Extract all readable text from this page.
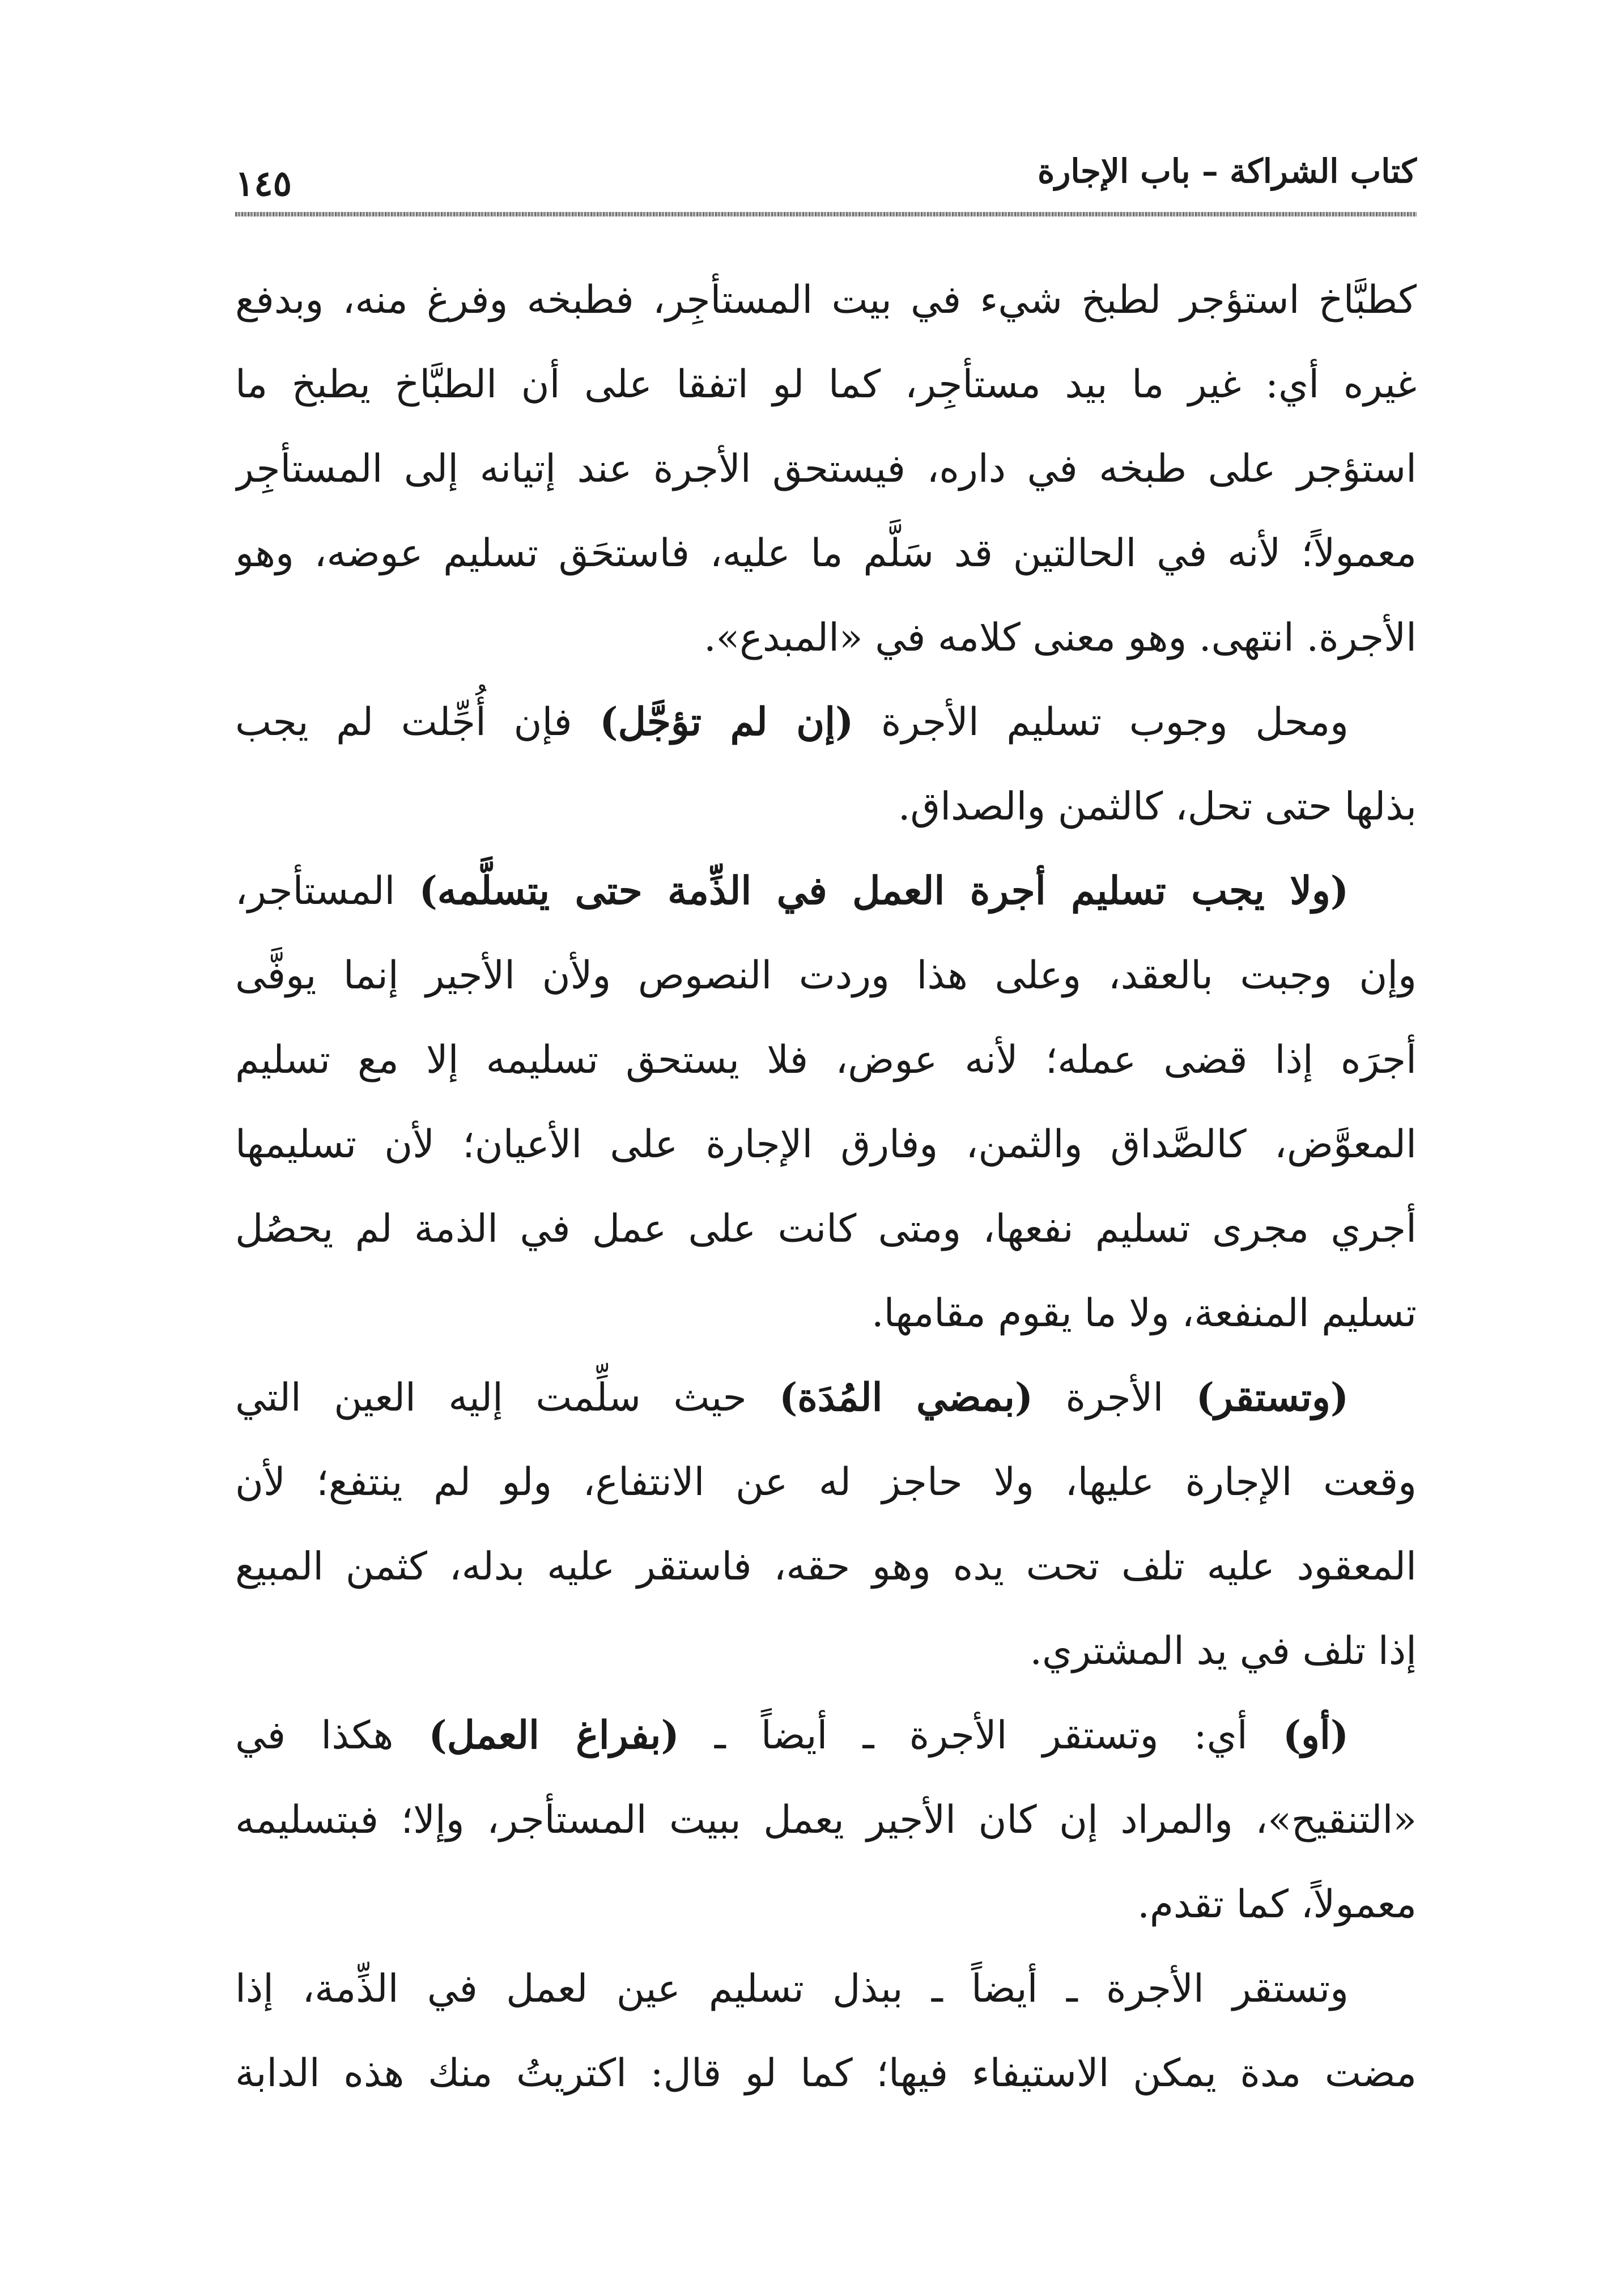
كتاب الشراكة – باب الإجارة
١٤٥
كطبَّاخ استؤجر لطبخ شيء في بيت المستأجِر، فطبخه وفرغ منه، وبدفع
غيره أي: غير ما بيد مستأجِر، كما لو اتفقا على أن الطبَّاخ يطبخ ما
استؤجر على طبخه في داره، فيستحق الأجرة عند إتيانه إلى المستأجِر
معمولاً؛ لأنه في الحالتين قد سَلَّم ما عليه، فاستحَق تسليم عوضه، وهو
الأجرة. انتهى. وهو معنى كلامه في «المبدع».
ومحل وجوب تسليم الأجرة (إن لم تؤجَّل) فإن أُجِّلت لم يجب
بذلها حتى تحل، كالثمن والصداق.
(ولا يجب تسليم أجرة العمل في الذِّمة حتى يتسلَّمه) المستأجر،
وإن وجبت بالعقد، وعلى هذا وردت النصوص ولأن الأجير إنما يوفَّى
أجرَه إذا قضى عمله؛ لأنه عوض، فلا يستحق تسليمه إلا مع تسليم
المعوَّض، كالصَّداق والثمن، وفارق الإجارة على الأعيان؛ لأن تسليمها
أجري مجرى تسليم نفعها، ومتى كانت على عمل في الذمة لم يحصُل
تسليم المنفعة، ولا ما يقوم مقامها.
(وتستقر) الأجرة (بمضي المُدَة) حيث سلِّمت إليه العين التي
وقعت الإجارة عليها، ولا حاجز له عن الانتفاع، ولو لم ينتفع؛ لأن
المعقود عليه تلف تحت يده وهو حقه، فاستقر عليه بدله، كثمن المبيع
إذا تلف في يد المشتري.
(أو) أي: وتستقر الأجرة ـ أيضاً ـ (بفراغ العمل) هكذا في
«التنقيح»، والمراد إن كان الأجير يعمل ببيت المستأجر، وإلا؛ فبتسليمه
معمولاً، كما تقدم.
وتستقر الأجرة ـ أيضاً ـ ببذل تسليم عين لعمل في الذِّمة، إذا
مضت مدة يمكن الاستيفاء فيها؛ كما لو قال: اكتريتُ منك هذه الدابة
